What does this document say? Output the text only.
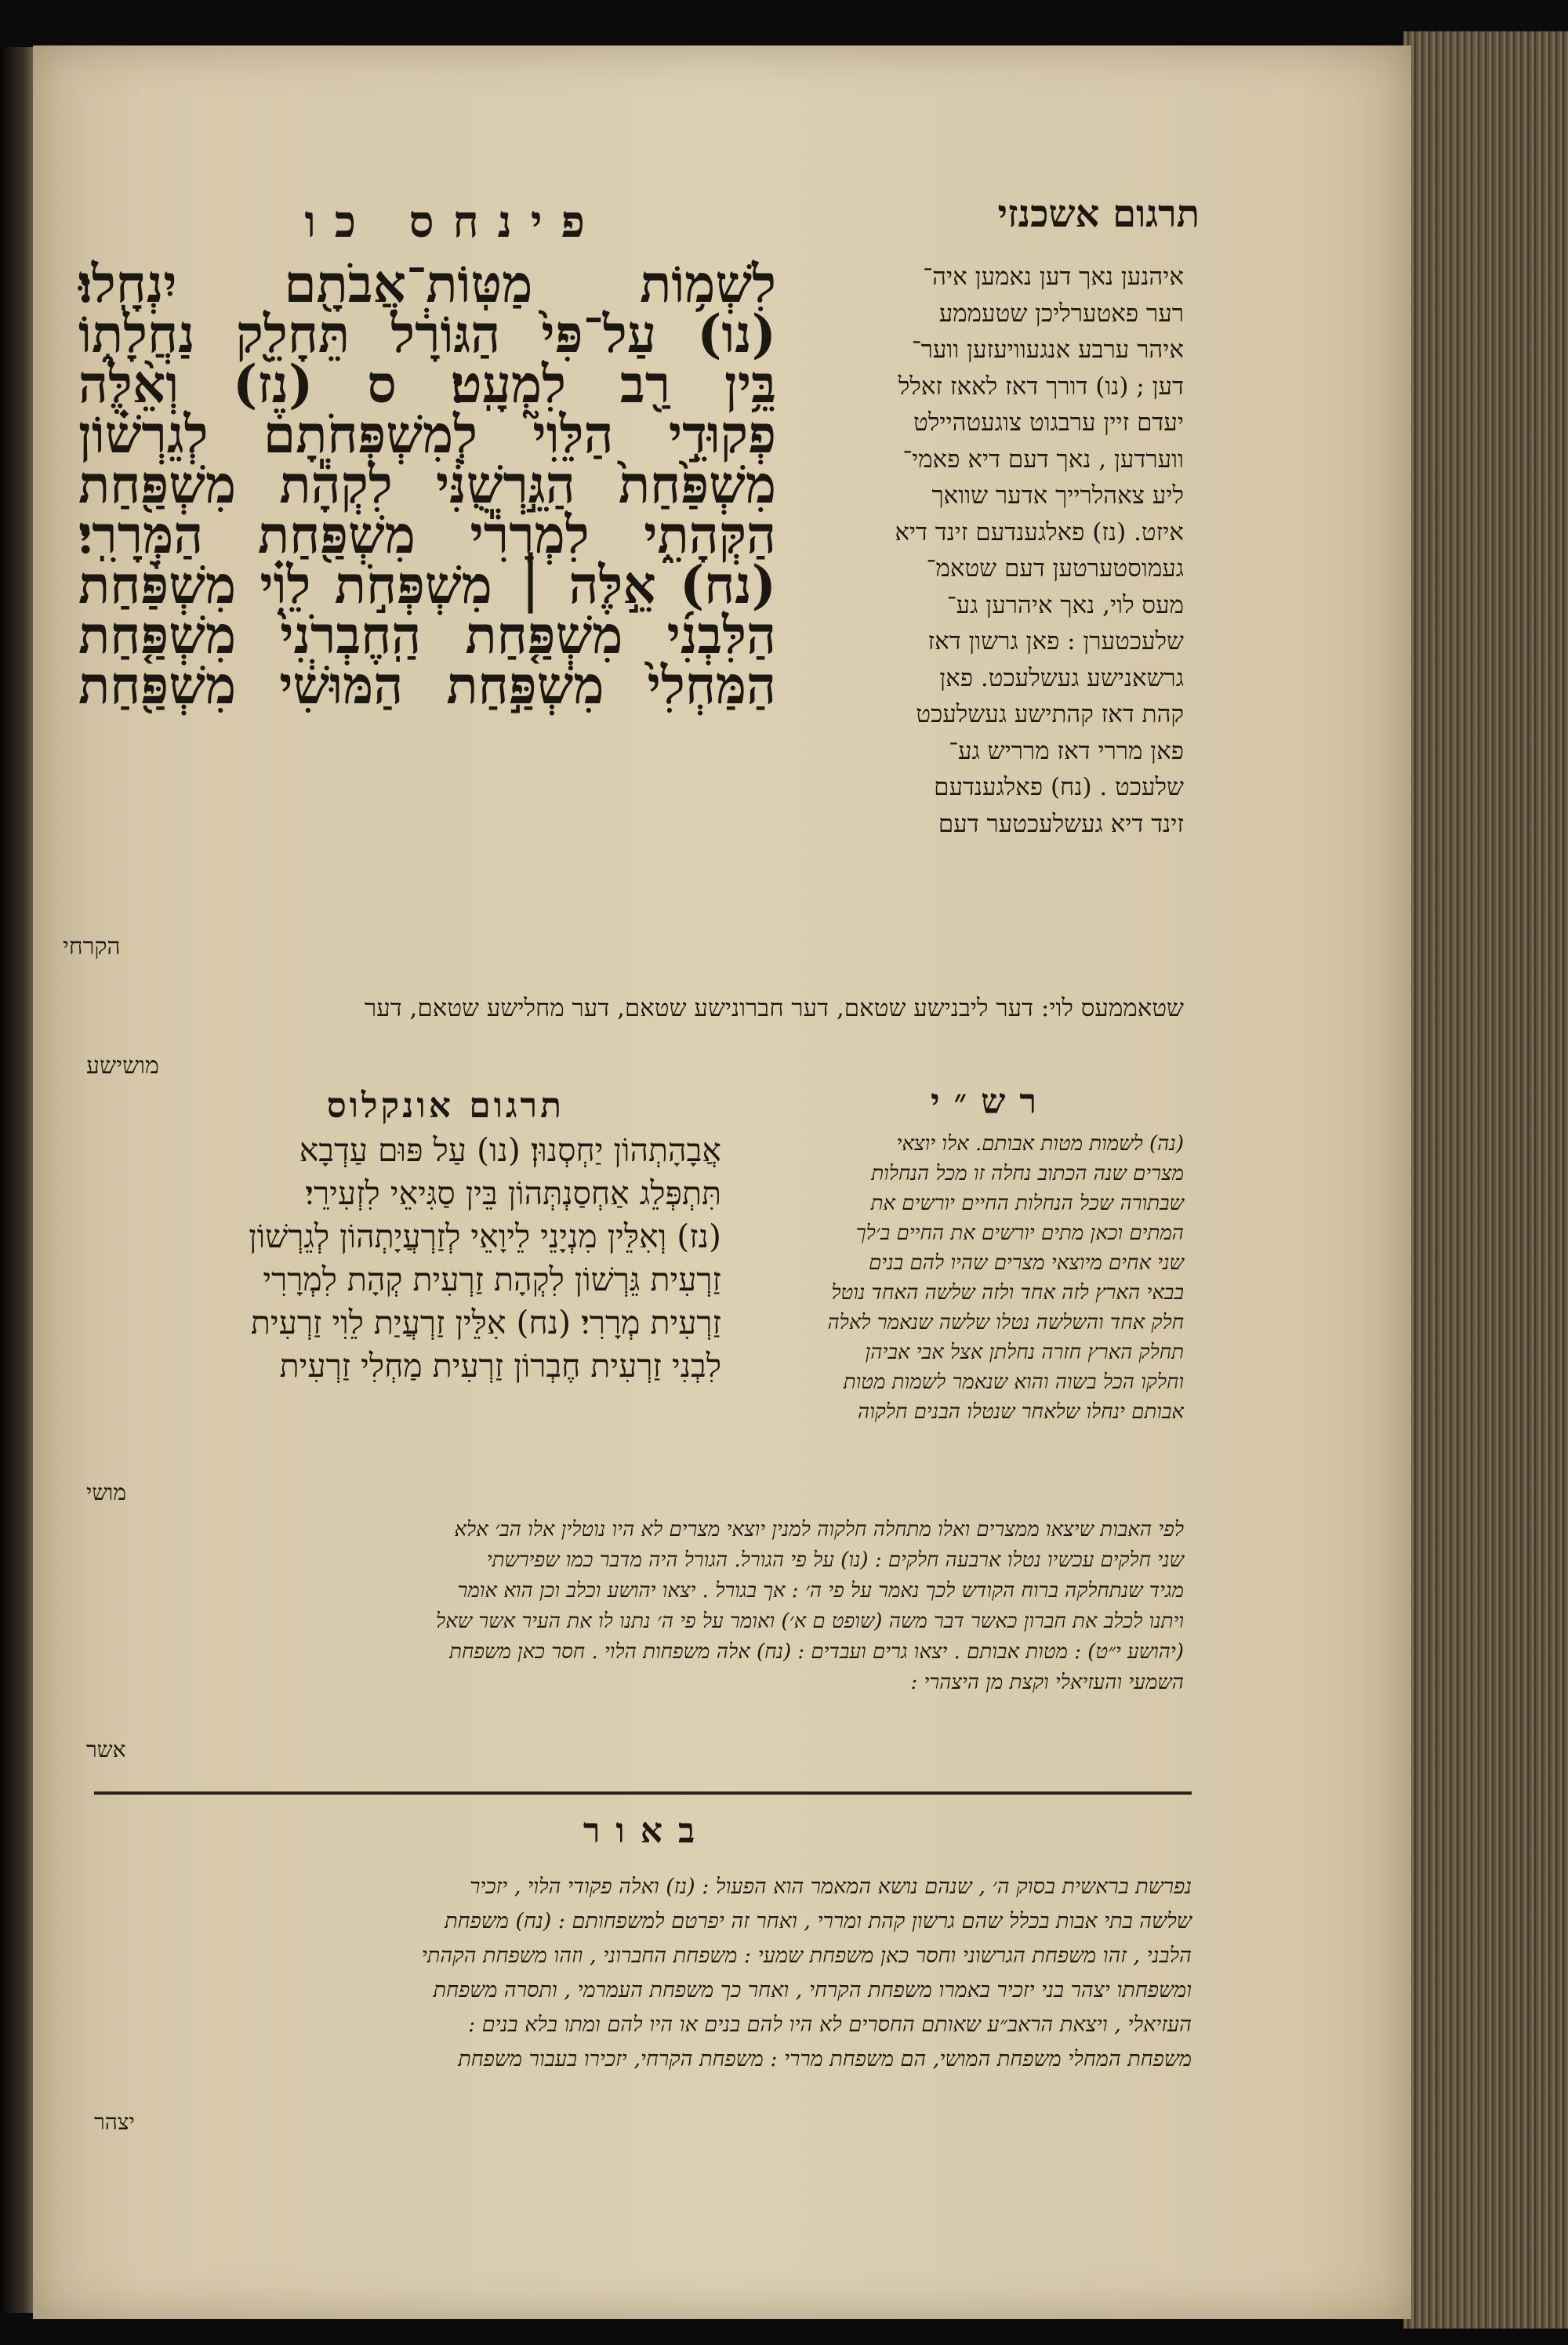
פינחס כו	תרגום אשכנזי
לִשְׁמ֥וֹת מַטּֽוֹת־אֲבֹתָ֖ם יִנְחָֽלוּ׃
(נו) עַל־פִּי֙ הַגּוֹרָ֔ל תֵּחָלֵ֖ק נַחֲלָת֑וֹ
בֵּ֥ין רַ֖ב לִמְעָֽט׃ ס (נז) וְאֵ֨לֶּה
פְקוּדֵ֣י הַלֵּוִי֮ לְמִשְׁפְּחֹתָם֒ לְגֵרְשׁ֗וֹן
מִשְׁפַּ֙חַת֙ הַגֵּ֣רְשֻׁנִּ֔י לִקְהָ֕ת מִשְׁפַּ֖חַת
הַקְּהָתִ֑י לִמְרָרִ֕י מִשְׁפַּ֖חַת הַמְּרָרִֽי׃
(נח) אֵ֣לֶּה ׀ מִשְׁפְּחֹ֣ת לֵוִ֗י מִשְׁפַּ֨חַת
הַלִּבְנִ֜י מִשְׁפַּ֤חַת הַֽחֶבְרֹנִי֙ מִשְׁפַּ֤חַת
הַמַּחְלִי֙ מִשְׁפַּ֣חַת הַמּוּשִׁ֔י מִשְׁפַּ֖חַת
הקרחי
איהנען נאך דען נאמען איה־
רער פאטערליכן שטעממע
איהר ערבע אנגעוויעזען ווער־
דען ; (נו) דורך דאז לאאז זאלל
יעדם זיין ערבגוט צוגעטהיילט
ווערדען , נאך דעם דיא פאמי־
ליע צאהלרייך אדער שוואך
איזט. (נז) פאלגענדעם זינד דיא
געמוסטערטען דעם שטאמ־
מעס לוי, נאך איהרען גע־
שלעכטערן : פאן גרשון דאז
גרשאנישע געשלעכט. פאן
קהת דאז קהתישע געשלעכט
פאן מררי דאז מרריש גע־
שלעכט . (נח) פאלגענדעם
זינד דיא געשלעכטער דעם
שטאממעס לוי: דער ליבנישע שטאם, דער חברונישע שטאם, דער מחלישע שטאם, דער
מושישע
רש״י
תרגום אונקלוס
אֲבָהָתְהוֹן יַחְסְנוּן׃ (נו) עַל פּוּם עַדְבָא
תִּתְפְּלֵג אַחְסַנְתְּהוֹן בֵּין סַגִּיאֵי לִזְעִירֵי׃
(נז) וְאִלֵּין מִנְיָנֵי לֵיוָאֵי לְזַרְעֲיָתְהוֹן לְגֵרְשׁוֹן
זַרְעִית גֵּרְשׁוֹן לִקְהָת זַרְעִית קְהָת לִמְרָרִי
זַרְעִית מְרָרִי׃ (נח) אִלֵּין זַרְעֲיַת לֵוִי זַרְעִית
לִבְנִי זַרְעִית חֶבְרוֹן זַרְעִית מַחְלִי זַרְעִית
מושי
(נה) לשמות מטות אבותם. אלו יוצאי
מצרים שנה הכתוב נחלה זו מכל הנחלות
שבתורה שכל הנחלות החיים יורשים את
המתים וכאן מתים יורשים את החיים ב׳לך
שני אחים מיוצאי מצרים שהיו להם בנים
בבאי הארץ לזה אחד ולזה שלשה האחד נוטל
חלק אחד והשלשה נטלו שלשה שנאמר לאלה
תחלק הארץ חזרה נחלתן אצל אבי אביהן
וחלקו הכל בשוה והוא שנאמר לשמות מטות
אבותם ינחלו שלאחר שנטלו הבנים חלקוה
לפי האבות שיצאו ממצרים ואלו מתחלה חלקוה למנין יוצאי מצרים לא היו נוטלין אלו הב׳ אלא
שני חלקים עכשיו נטלו ארבעה חלקים : (נו) על פי הגורל. הגורל היה מדבר כמו שפירשתי
מגיד שנתחלקה ברוח הקודש לכך נאמר על פי ה׳ : אך בגורל . יצאו יהושע וכלב וכן הוא אומר
ויתנו לכלב את חברון כאשר דבר משה (שופט ם א׳) ואומר על פי ה׳ נתנו לו את העיר אשר שאל
(יהושע י״ט) : מטות אבותם . יצאו גרים ועבדים : (נח) אלה משפחות הלוי . חסר כאן משפחת
השמעי והעזיאלי וקצת מן היצהרי :
אשר
באור
נפרשת בראשית בסוק ה׳ , שנהם נושא המאמר הוא הפעול : (נז) ואלה פקודי הלוי , יזכיר
שלשה בתי אבות בכלל שהם גרשון קהת ומררי , ואחר זה יפרטם למשפחותם : (נח) משפחת
הלבני , זהו משפחת הגרשוני וחסר כאן משפחת שמעי : משפחת החברוני , וזהו משפחת הקהתי
ומשפחתו יצהר בני יזכיר באמרו משפחת הקרחי , ואחר כך משפחת העמרמי , ותסרה משפחת
העזיאלי , ויצאת הראב״ע שאותם החסרים לא היו להם בנים או היו להם ומתו בלא בנים :
משפחת המחלי משפחת המושי, הם משפחת מררי : משפחת הקרחי, יזכירו בעבור משפחת
יצהר
